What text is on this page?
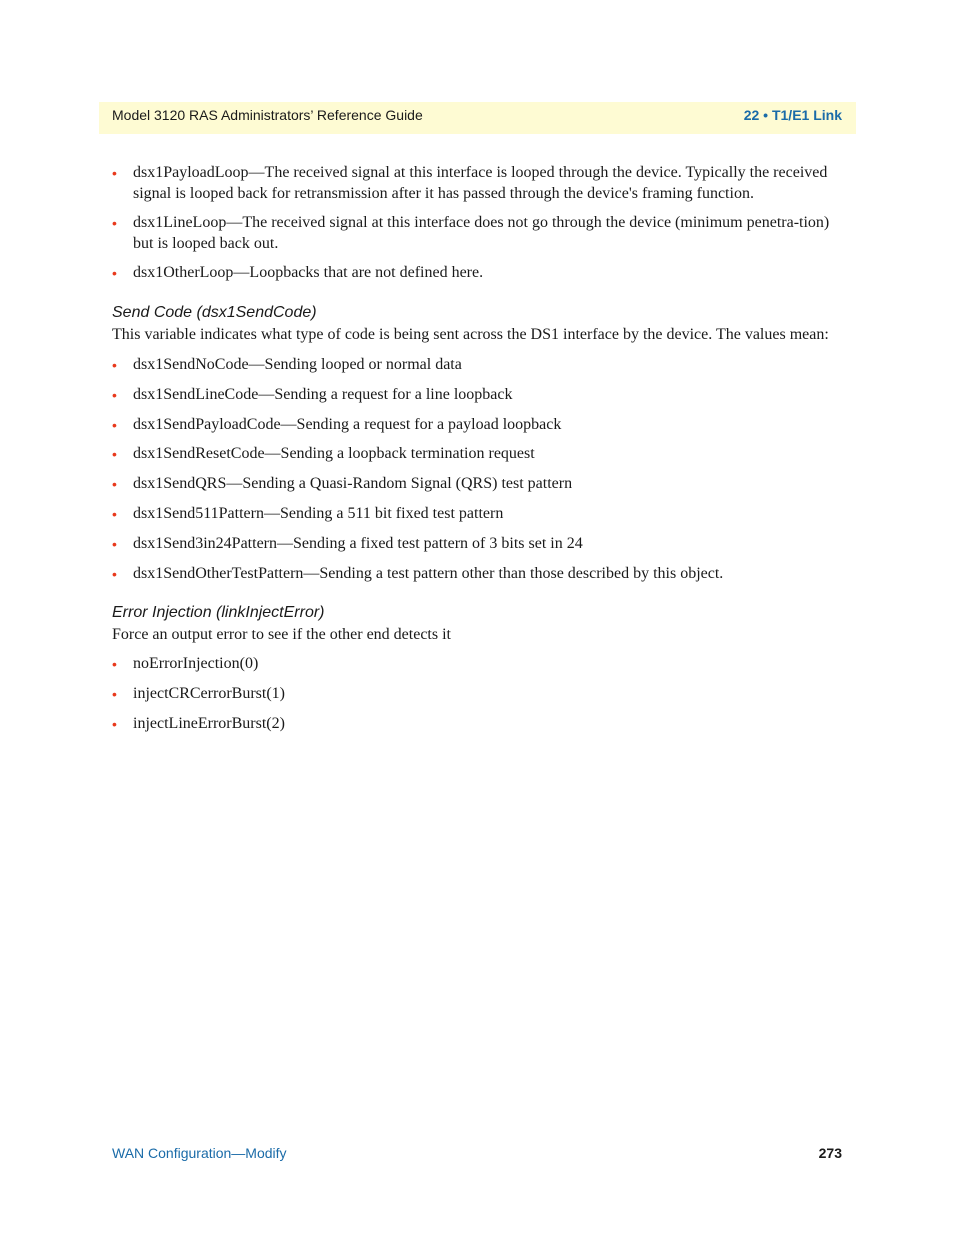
Model 3120 RAS Administrators’ Reference Guide	22 • T1/E1 Link
• dsx1PayloadLoop—The received signal at this interface is looped through the device. Typically the received signal is looped back for retransmission after it has passed through the device's framing function.
• dsx1LineLoop—The received signal at this interface does not go through the device (minimum penetra-tion) but is looped back out.
• dsx1OtherLoop—Loopbacks that are not defined here.
Send Code (dsx1SendCode)
This variable indicates what type of code is being sent across the DS1 interface by the device. The values mean:
• dsx1SendNoCode—Sending looped or normal data
• dsx1SendLineCode—Sending a request for a line loopback
• dsx1SendPayloadCode—Sending a request for a payload loopback
• dsx1SendResetCode—Sending a loopback termination request
• dsx1SendQRS—Sending a Quasi-Random Signal (QRS) test pattern
• dsx1Send511Pattern—Sending a 511 bit fixed test pattern
• dsx1Send3in24Pattern—Sending a fixed test pattern of 3 bits set in 24
• dsx1SendOtherTestPattern—Sending a test pattern other than those described by this object.
Error Injection (linkInjectError)
Force an output error to see if the other end detects it
• noErrorInjection(0)
• injectCRCerrorBurst(1)
• injectLineErrorBurst(2)
WAN Configuration—Modify	273
